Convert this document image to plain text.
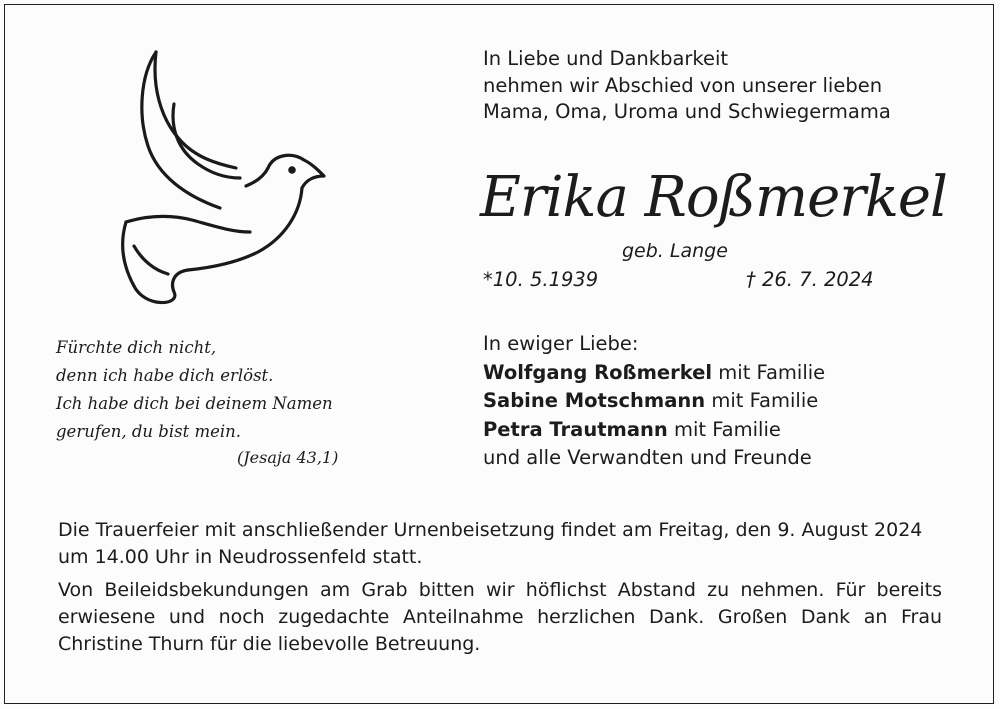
In Liebe und Dankbarkeit
nehmen wir Abschied von unserer lieben
Mama, Oma, Uroma und Schwiegermama
Erika Roßmerkel
geb. Lange
*10. 5.1939	† 26. 7. 2024
Fürchte dich nicht,
denn ich habe dich erlöst.
Ich habe dich bei deinem Namen
gerufen, du bist mein.
(Jesaja 43,1)
In ewiger Liebe:
Wolfgang Roßmerkel mit Familie
Sabine Motschmann mit Familie
Petra Trautmann mit Familie
und alle Verwandten und Freunde

Die Trauerfeier mit anschließender Urnenbeisetzung findet am Freitag, den 9. August 2024 um 14.00 Uhr in Neudrossenfeld statt.

Von Beileidsbekundungen am Grab bitten wir höflichst Abstand zu nehmen. Für bereits erwiesene und noch zugedachte Anteilnahme herzlichen Dank. Großen Dank an Frau Christine Thurn für die liebevolle Betreuung.
